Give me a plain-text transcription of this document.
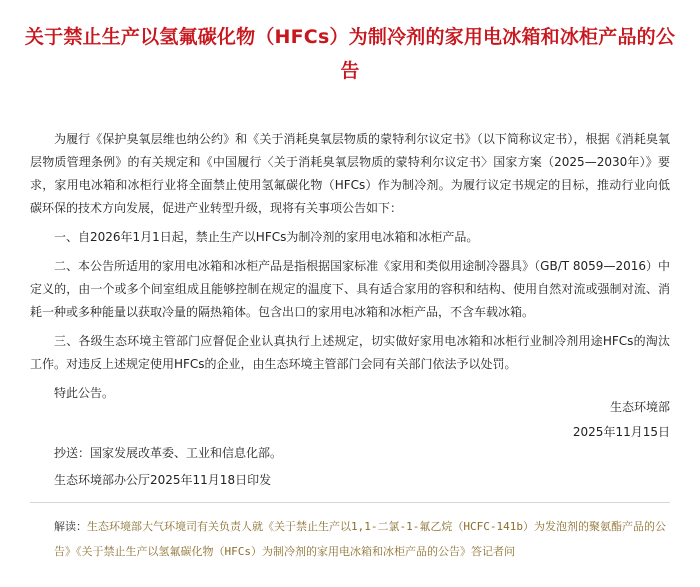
关于禁止生产以氢氟碳化物（HFCs）为制冷剂的家用电冰箱和冰柜产品的公告

为履行《保护臭氧层维也纳公约》和《关于消耗臭氧层物质的蒙特利尔议定书》（以下简称议定书），根据《消耗臭氧层物质管理条例》的有关规定和《中国履行〈关于消耗臭氧层物质的蒙特利尔议定书〉国家方案（2025—2030年）》要求，家用电冰箱和冰柜行业将全面禁止使用氢氟碳化物（HFCs）作为制冷剂。为履行议定书规定的目标，推动行业向低碳环保的技术方向发展，促进产业转型升级，现将有关事项公告如下：

一、自2026年1月1日起，禁止生产以HFCs为制冷剂的家用电冰箱和冰柜产品。

二、本公告所适用的家用电冰箱和冰柜产品是指根据国家标准《家用和类似用途制冷器具》（GB/T 8059—2016）中定义的，由一个或多个间室组成且能够控制在规定的温度下、具有适合家用的容积和结构、使用自然对流或强制对流、消耗一种或多种能量以获取冷量的隔热箱体。包含出口的家用电冰箱和冰柜产品，不含车载冰箱。

三、各级生态环境主管部门应督促企业认真执行上述规定，切实做好家用电冰箱和冰柜行业制冷剂用途HFCs的淘汰工作。对违反上述规定使用HFCs的企业，由生态环境主管部门会同有关部门依法予以处罚。

特此公告。

生态环境部
2025年11月15日
抄送：国家发展改革委、工业和信息化部。
生态环境部办公厅2025年11月18日印发
解读：生态环境部大气环境司有关负责人就《关于禁止生产以1,1-二氯-1-氟乙烷（HCFC-141b）为发泡剂的聚氨酯产品的公告》《关于禁止生产以氢氟碳化物（HFCs）为制冷剂的家用电冰箱和冰柜产品的公告》答记者问
